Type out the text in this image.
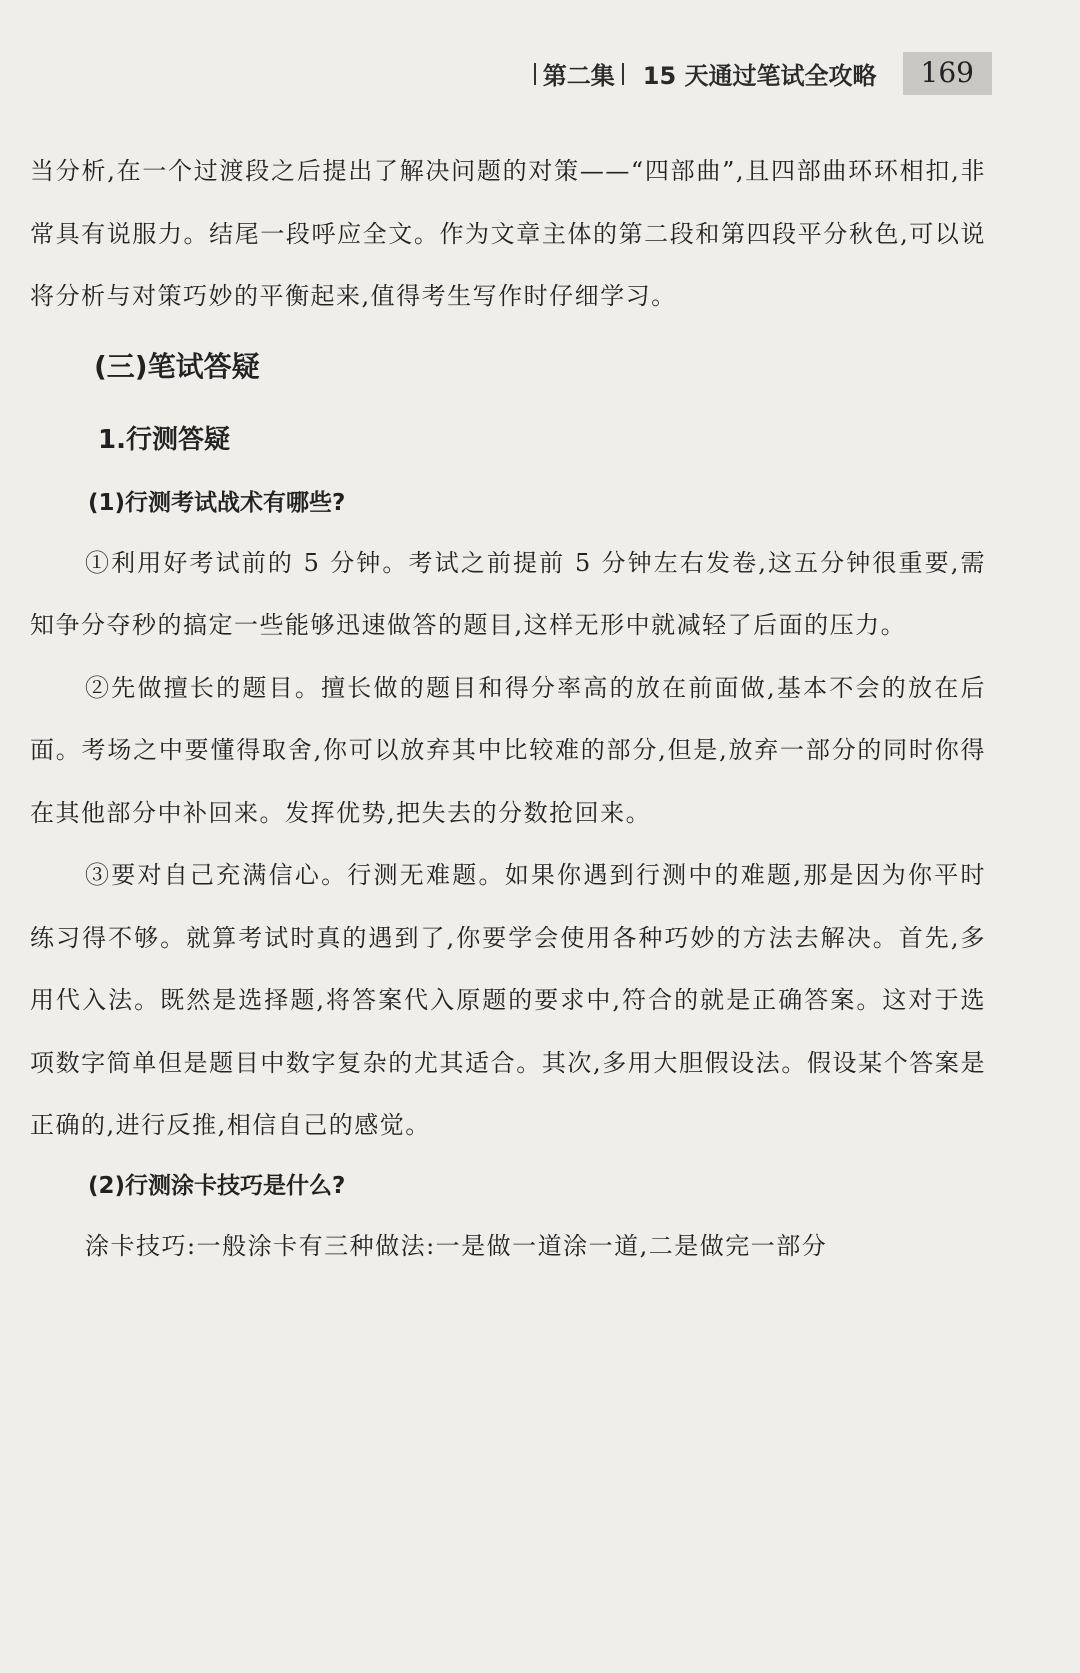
第二集 15 天通过笔试全攻略	169

当分析,在一个过渡段之后提出了解决问题的对策——“四部曲”,且四部曲环环相扣,非常具有说服力。结尾一段呼应全文。作为文章主体的第二段和第四段平分秋色,可以说将分析与对策巧妙的平衡起来,值得考生写作时仔细学习。

(三)笔试答疑
1.行测答疑
(1)行测考试战术有哪些?

①利用好考试前的 5 分钟。考试之前提前 5 分钟左右发卷,这五分钟很重要,需知争分夺秒的搞定一些能够迅速做答的题目,这样无形中就减轻了后面的压力。

②先做擅长的题目。擅长做的题目和得分率高的放在前面做,基本不会的放在后面。考场之中要懂得取舍,你可以放弃其中比较难的部分,但是,放弃一部分的同时你得在其他部分中补回来。发挥优势,把失去的分数抢回来。

③要对自己充满信心。行测无难题。如果你遇到行测中的难题,那是因为你平时练习得不够。就算考试时真的遇到了,你要学会使用各种巧妙的方法去解决。首先,多用代入法。既然是选择题,将答案代入原题的要求中,符合的就是正确答案。这对于选项数字简单但是题目中数字复杂的尤其适合。其次,多用大胆假设法。假设某个答案是正确的,进行反推,相信自己的感觉。

(2)行测涂卡技巧是什么?

涂卡技巧:一般涂卡有三种做法:一是做一道涂一道,二是做完一部分
